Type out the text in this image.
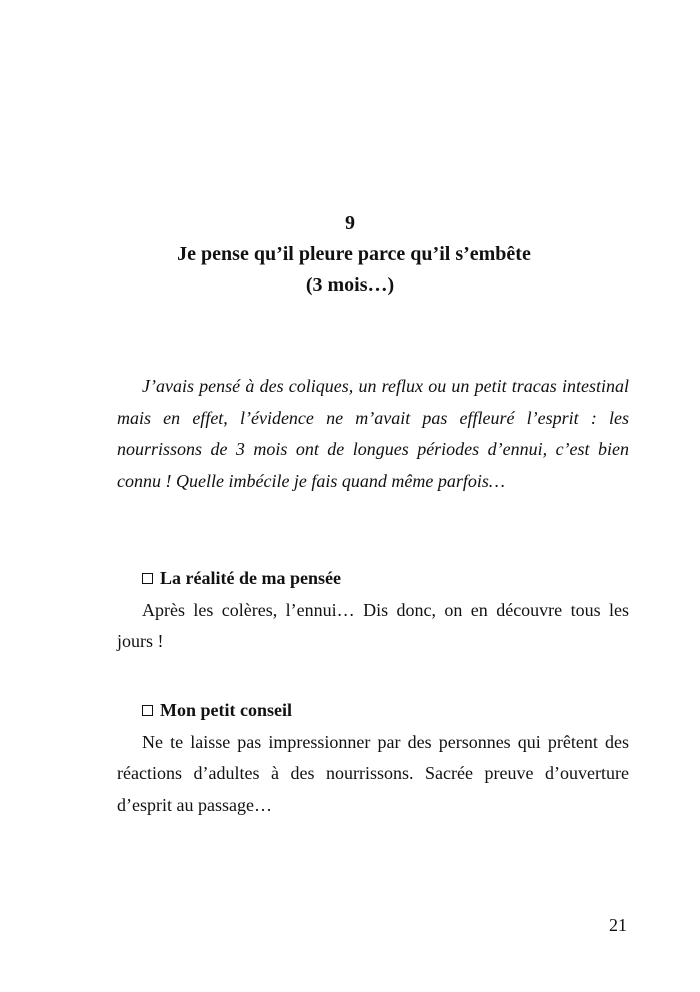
9
Je pense qu’il pleure parce qu’il s’embête
(3 mois…)

J’avais pensé à des coliques, un reflux ou un petit tracas intestinal mais en effet, l’évidence ne m’avait pas effleuré l’esprit : les nourrissons de 3 mois ont de longues périodes d’ennui, c’est bien connu ! Quelle imbécile je fais quand même parfois…

La réalité de ma pensée

Après les colères, l’ennui… Dis donc, on en découvre tous les jours !

Mon petit conseil

Ne te laisse pas impressionner par des personnes qui prêtent des réactions d’adultes à des nourrissons. Sacrée preuve d’ouverture d’esprit au passage…

21
